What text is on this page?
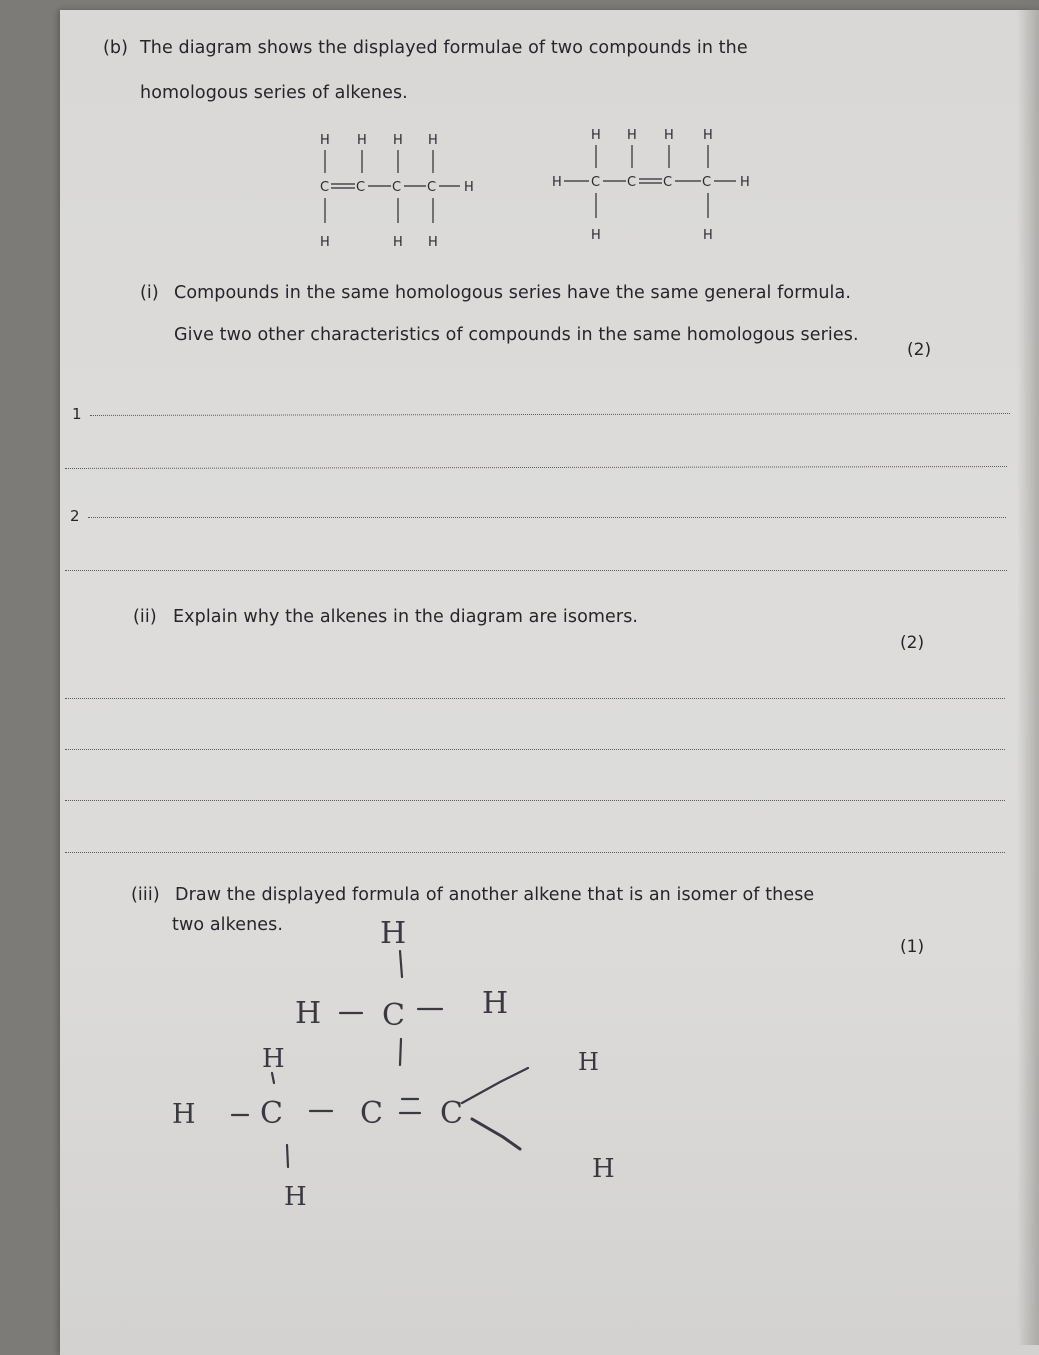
(b) The diagram shows the displayed formulae of two compounds in the
homologous series of alkenes.
H H H H
C C C C H
H	H H
H H H H
H C C C C H
H	H
(i) Compounds in the same homologous series have the same general formula.
Give two other characteristics of compounds in the same homologous series.
(2)
1
2
(ii) Explain why the alkenes in the diagram are isomers.
(2)
(iii) Draw the displayed formula of another alkene that is an isomer of these
two alkenes.
(1)
H
H C	H
H
H C	C C
H
H
H
